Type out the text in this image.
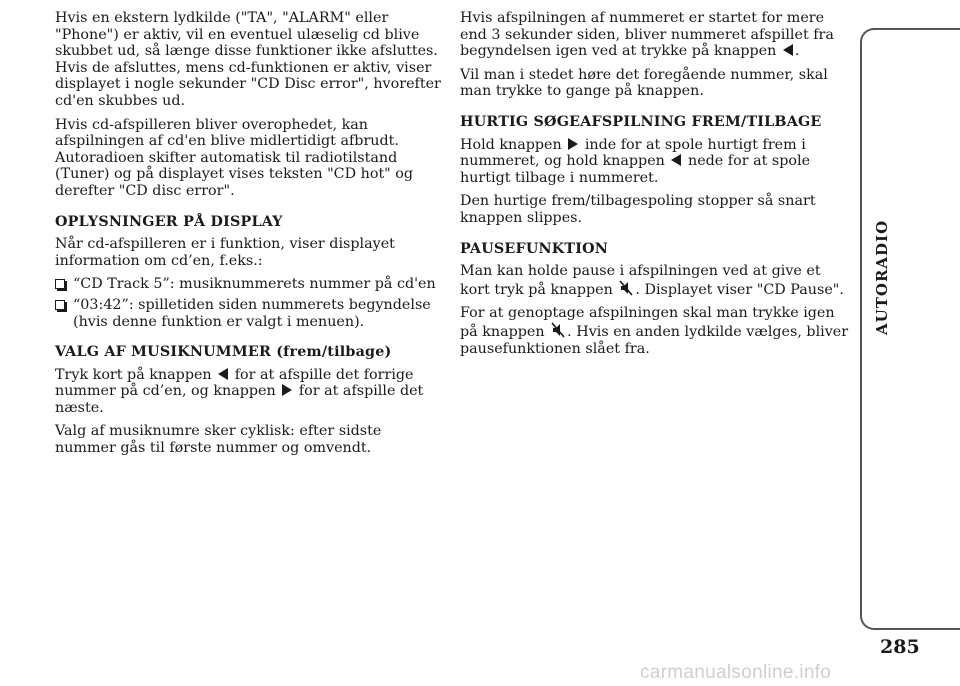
Hvis en ekstern lydkilde ("TA", "ALARM" eller "Phone") er aktiv, vil en eventuel ulæselig cd blive skubbet ud, så længe disse funktioner ikke afsluttes. Hvis de afsluttes, mens cd-funktionen er aktiv, viser displayet i nogle sekunder "CD Disc error", hvorefter cd'en skubbes ud.

Hvis cd-afspilleren bliver overophedet, kan afspilningen af cd'en blive midlertidigt afbrudt. Autoradioen skifter automatisk til radiotilstand (Tuner) og på displayet vises teksten "CD hot" og derefter "CD disc error".

OPLYSNINGER PÅ DISPLAY

Når cd-afspilleren er i funktion, viser displayet information om cd’en, f.eks.:

“CD Track 5”: musiknummerets nummer på cd'en
“03:42”: spilletiden siden nummerets begyndelse (hvis denne funktion er valgt i menuen).
VALG AF MUSIKNUMMER (frem/tilbage)

Tryk kort på knappen for at afspille det forrige nummer på cd’en, og knappen for at afspille det næste.

Valg af musiknumre sker cyklisk: efter sidste nummer gås til første nummer og omvendt.

Hvis afspilningen af nummeret er startet for mere end 3 sekunder siden, bliver nummeret afspillet fra begyndelsen igen ved at trykke på knappen .

Vil man i stedet høre det foregående nummer, skal man trykke to gange på knappen.

HURTIG SØGEAFSPILNING FREM/TILBAGE

Hold knappen inde for at spole hurtigt frem i nummeret, og hold knappen nede for at spole hurtigt tilbage i nummeret.

Den hurtige frem/tilbagespoling stopper så snart knappen slippes.

PAUSEFUNKTION

Man kan holde pause i afspilningen ved at give et kort tryk på knappen . Displayet viser "CD Pause".

For at genoptage afspilningen skal man trykke igen på knappen . Hvis en anden lydkilde vælges, bliver pausefunktionen slået fra.

AUTORADIO
285
carmanualsonline.info
